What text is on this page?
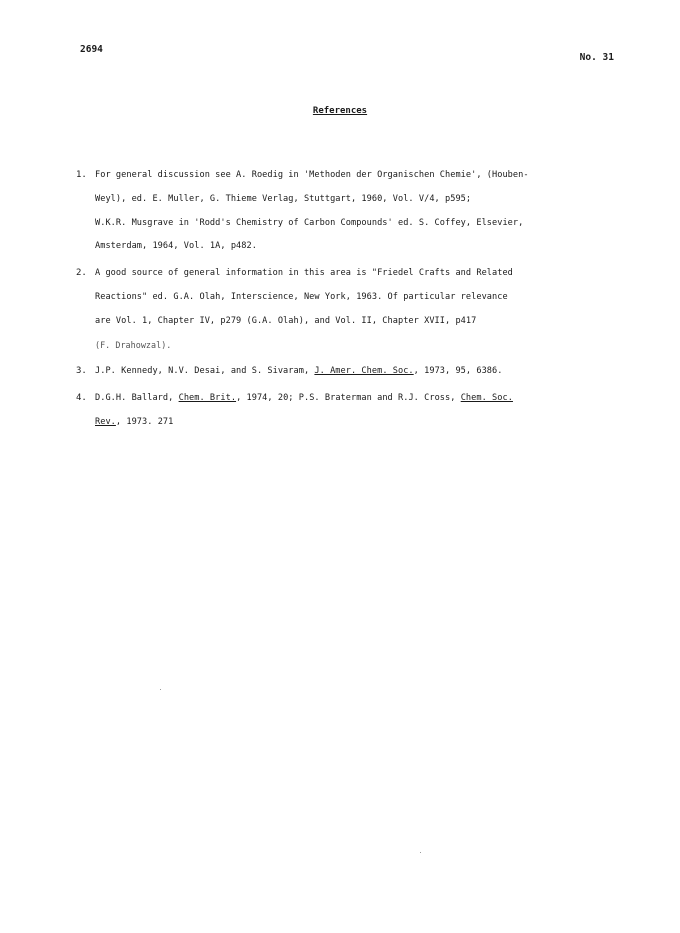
2694
No. 31
References
1. For general discussion see A. Roedig in 'Methoden der Organischen Chemie', (Houben-
Weyl), ed. E. Muller, G. Thieme Verlag, Stuttgart, 1960, Vol. V/4, p595;
W.K.R. Musgrave in 'Rodd's Chemistry of Carbon Compounds' ed. S. Coffey, Elsevier,
Amsterdam, 1964, Vol. 1A, p482.
2. A good source of general information in this area is "Friedel Crafts and Related
Reactions" ed. G.A. Olah, Interscience, New York, 1963. Of particular relevance
are Vol. 1, Chapter IV, p279 (G.A. Olah), and Vol. II, Chapter XVII, p417
(F. Drahowzal).
3. J.P. Kennedy, N.V. Desai, and S. Sivaram, J. Amer. Chem. Soc., 1973, 95, 6386.
4. D.G.H. Ballard, Chem. Brit., 1974, 20; P.S. Braterman and R.J. Cross, Chem. Soc.
Rev., 1973. 271
